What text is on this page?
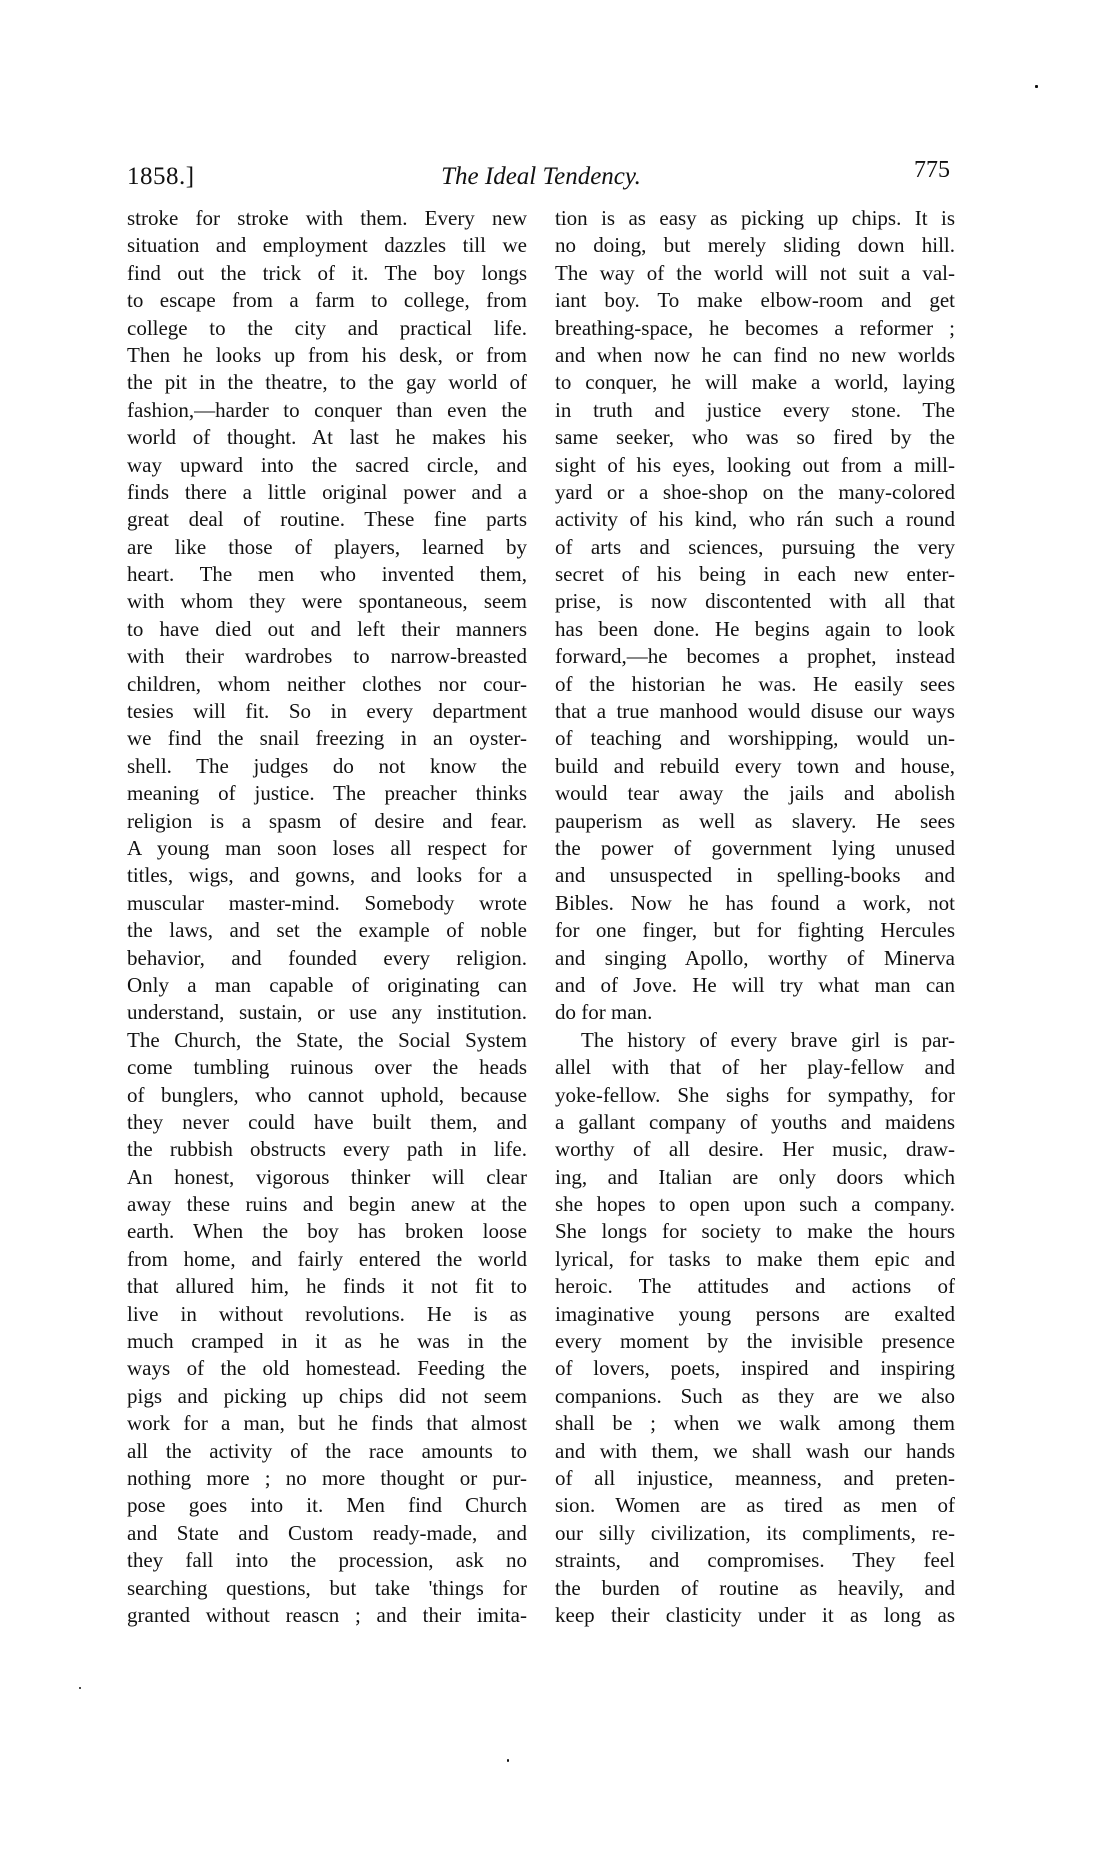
1858.]	The Ideal Tendency.	775
stroke for stroke with them. Every new
situation and employment dazzles till we
find out the trick of it. The boy longs
to escape from a farm to college, from
college to the city and practical life.
Then he looks up from his desk, or from
the pit in the theatre, to the gay world of
fashion,—harder to conquer than even the
world of thought. At last he makes his
way upward into the sacred circle, and
finds there a little original power and a
great deal of routine. These fine parts
are like those of players, learned by
heart. The men who invented them,
with whom they were spontaneous, seem
to have died out and left their manners
with their wardrobes to narrow-breasted
children, whom neither clothes nor cour-
tesies will fit. So in every department
we find the snail freezing in an oyster-
shell. The judges do not know the
meaning of justice. The preacher thinks
religion is a spasm of desire and fear.
A young man soon loses all respect for
titles, wigs, and gowns, and looks for a
muscular master-mind. Somebody wrote
the laws, and set the example of noble
behavior, and founded every religion.
Only a man capable of originating can
understand, sustain, or use any institution.
The Church, the State, the Social System
come tumbling ruinous over the heads
of bunglers, who cannot uphold, because
they never could have built them, and
the rubbish obstructs every path in life.
An honest, vigorous thinker will clear
away these ruins and begin anew at the
earth. When the boy has broken loose
from home, and fairly entered the world
that allured him, he finds it not fit to
live in without revolutions. He is as
much cramped in it as he was in the
ways of the old homestead. Feeding the
pigs and picking up chips did not seem
work for a man, but he finds that almost
all the activity of the race amounts to
nothing more ; no more thought or pur-
pose goes into it. Men find Church
and State and Custom ready-made, and
they fall into the procession, ask no
searching questions, but take 'things for
granted without reascn ; and their imita-
tion is as easy as picking up chips. It is
no doing, but merely sliding down hill.
The way of the world will not suit a val-
iant boy. To make elbow-room and get
breathing-space, he becomes a reformer ;
and when now he can find no new worlds
to conquer, he will make a world, laying
in truth and justice every stone. The
same seeker, who was so fired by the
sight of his eyes, looking out from a mill-
yard or a shoe-shop on the many-colored
activity of his kind, who rán such a round
of arts and sciences, pursuing the very
secret of his being in each new enter-
prise, is now discontented with all that
has been done. He begins again to look
forward,—he becomes a prophet, instead
of the historian he was. He easily sees
that a true manhood would disuse our ways
of teaching and worshipping, would un-
build and rebuild every town and house,
would tear away the jails and abolish
pauperism as well as slavery. He sees
the power of government lying unused
and unsuspected in spelling-books and
Bibles. Now he has found a work, not
for one finger, but for fighting Hercules
and singing Apollo, worthy of Minerva
and of Jove. He will try what man can
do for man.
The history of every brave girl is par-
allel with that of her play-fellow and
yoke-fellow. She sighs for sympathy, for
a gallant company of youths and maidens
worthy of all desire. Her music, draw-
ing, and Italian are only doors which
she hopes to open upon such a company.
She longs for society to make the hours
lyrical, for tasks to make them epic and
heroic. The attitudes and actions of
imaginative young persons are exalted
every moment by the invisible presence
of lovers, poets, inspired and inspiring
companions. Such as they are we also
shall be ; when we walk among them
and with them, we shall wash our hands
of all injustice, meanness, and preten-
sion. Women are as tired as men of
our silly civilization, its compliments, re-
straints, and compromises. They feel
the burden of routine as heavily, and
keep their clasticity under it as long as
